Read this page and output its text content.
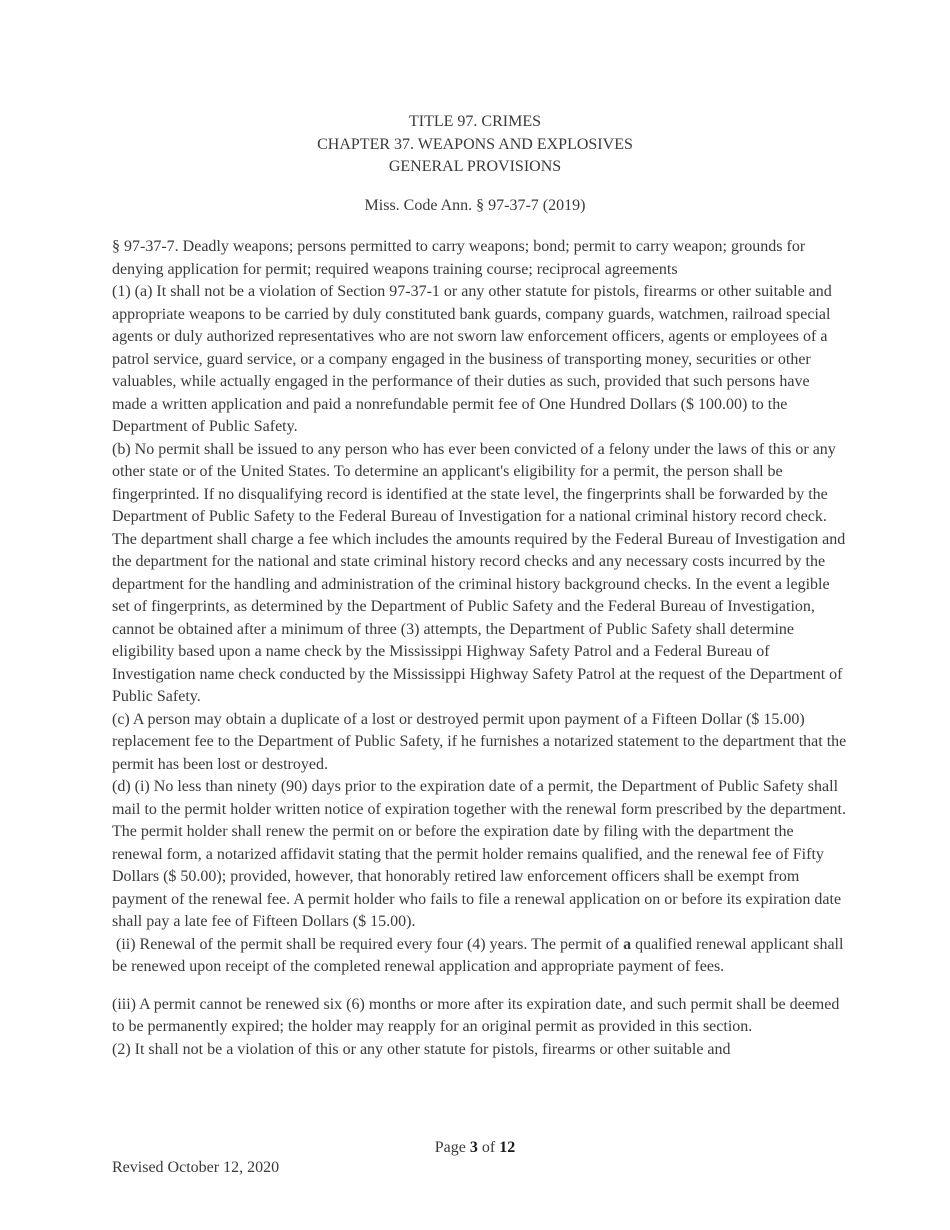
TITLE 97. CRIMES
CHAPTER 37. WEAPONS AND EXPLOSIVES
GENERAL PROVISIONS
Miss. Code Ann. § 97-37-7 (2019)

§ 97-37-7. Deadly weapons; persons permitted to carry weapons; bond; permit to carry weapon; grounds for denying application for permit; required weapons training course; reciprocal agreements

(1) (a) It shall not be a violation of Section 97-37-1 or any other statute for pistols, firearms or other suitable and appropriate weapons to be carried by duly constituted bank guards, company guards, watchmen, railroad special agents or duly authorized representatives who are not sworn law enforcement officers, agents or employees of a patrol service, guard service, or a company engaged in the business of transporting money, securities or other valuables, while actually engaged in the performance of their duties as such, provided that such persons have made a written application and paid a nonrefundable permit fee of One Hundred Dollars ($ 100.00) to the Department of Public Safety.

(b) No permit shall be issued to any person who has ever been convicted of a felony under the laws of this or any other state or of the United States. To determine an applicant's eligibility for a permit, the person shall be fingerprinted. If no disqualifying record is identified at the state level, the fingerprints shall be forwarded by the Department of Public Safety to the Federal Bureau of Investigation for a national criminal history record check. The department shall charge a fee which includes the amounts required by the Federal Bureau of Investigation and the department for the national and state criminal history record checks and any necessary costs incurred by the department for the handling and administration of the criminal history background checks. In the event a legible set of fingerprints, as determined by the Department of Public Safety and the Federal Bureau of Investigation, cannot be obtained after a minimum of three (3) attempts, the Department of Public Safety shall determine eligibility based upon a name check by the Mississippi Highway Safety Patrol and a Federal Bureau of Investigation name check conducted by the Mississippi Highway Safety Patrol at the request of the Department of Public Safety.

(c) A person may obtain a duplicate of a lost or destroyed permit upon payment of a Fifteen Dollar ($ 15.00) replacement fee to the Department of Public Safety, if he furnishes a notarized statement to the department that the permit has been lost or destroyed.

(d) (i) No less than ninety (90) days prior to the expiration date of a permit, the Department of Public Safety shall mail to the permit holder written notice of expiration together with the renewal form prescribed by the department. The permit holder shall renew the permit on or before the expiration date by filing with the department the renewal form, a notarized affidavit stating that the permit holder remains qualified, and the renewal fee of Fifty Dollars ($ 50.00); provided, however, that honorably retired law enforcement officers shall be exempt from payment of the renewal fee. A permit holder who fails to file a renewal application on or before its expiration date shall pay a late fee of Fifteen Dollars ($ 15.00).

(ii) Renewal of the permit shall be required every four (4) years. The permit of a qualified renewal applicant shall be renewed upon receipt of the completed renewal application and appropriate payment of fees.

(iii) A permit cannot be renewed six (6) months or more after its expiration date, and such permit shall be deemed to be permanently expired; the holder may reapply for an original permit as provided in this section.

(2) It shall not be a violation of this or any other statute for pistols, firearms or other suitable and

Page 3 of 12
Revised October 12, 2020
